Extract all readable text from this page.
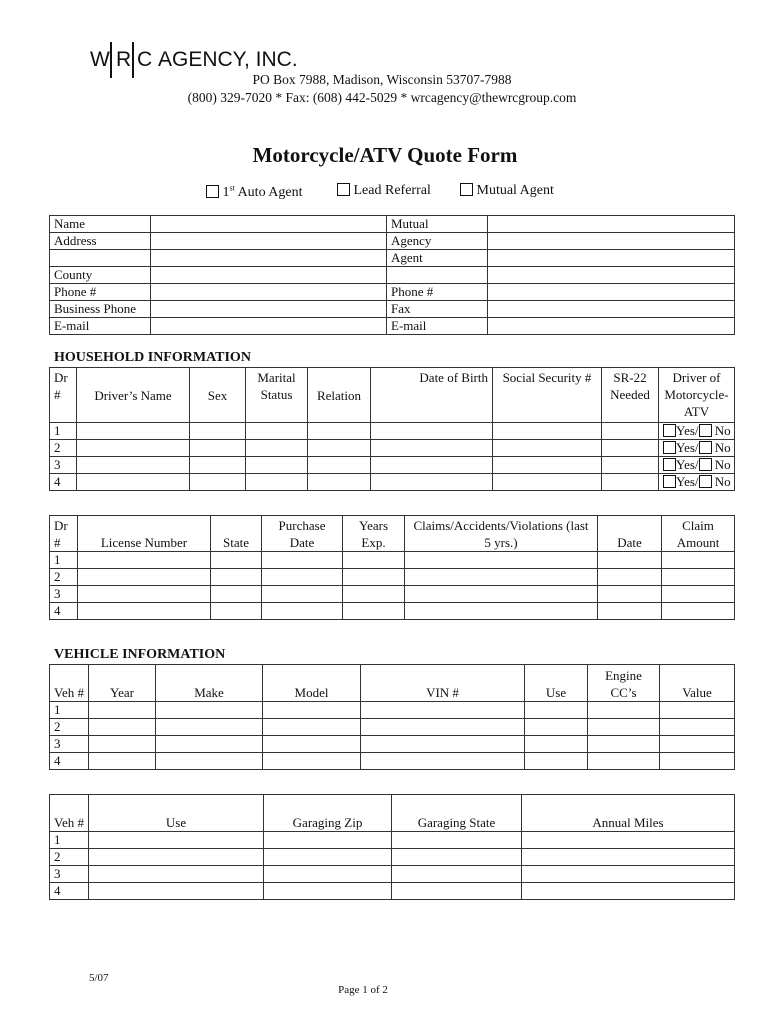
W R C AGENCY, INC.
PO Box 7988, Madison, Wisconsin 53707-7988
(800) 329-7020 * Fax: (608) 442-5029 * wrcagency@thewrcgroup.com
Motorcycle/ATV Quote Form
1st Auto Agent	Lead Referral	Mutual Agent
Name		Mutual	
Address		Agency	
		Agent	
County			
Phone #		Phone #	
Business Phone		Fax	
E-mail		E-mail	
HOUSEHOLD INFORMATION
Dr #	Driver’s Name	Sex	Marital Status	Relation	Date of Birth	Social Security #	SR-22 Needed	Driver of Motorcycle-ATV
1								Yes/ No
2								Yes/ No
3								Yes/ No
4								Yes/ No
Dr #	License Number	State	Purchase Date	Years Exp.	Claims/Accidents/Violations (last 5 yrs.)	Date	Claim Amount
1							
2							
3							
4							
VEHICLE INFORMATION
Veh #	Year	Make	Model	VIN #	Use	Engine CC’s	Value
1							
2							
3							
4							
Veh #	Use	Garaging Zip	Garaging State	Annual Miles
1				
2				
3				
4				
5/07
Page 1 of 2
